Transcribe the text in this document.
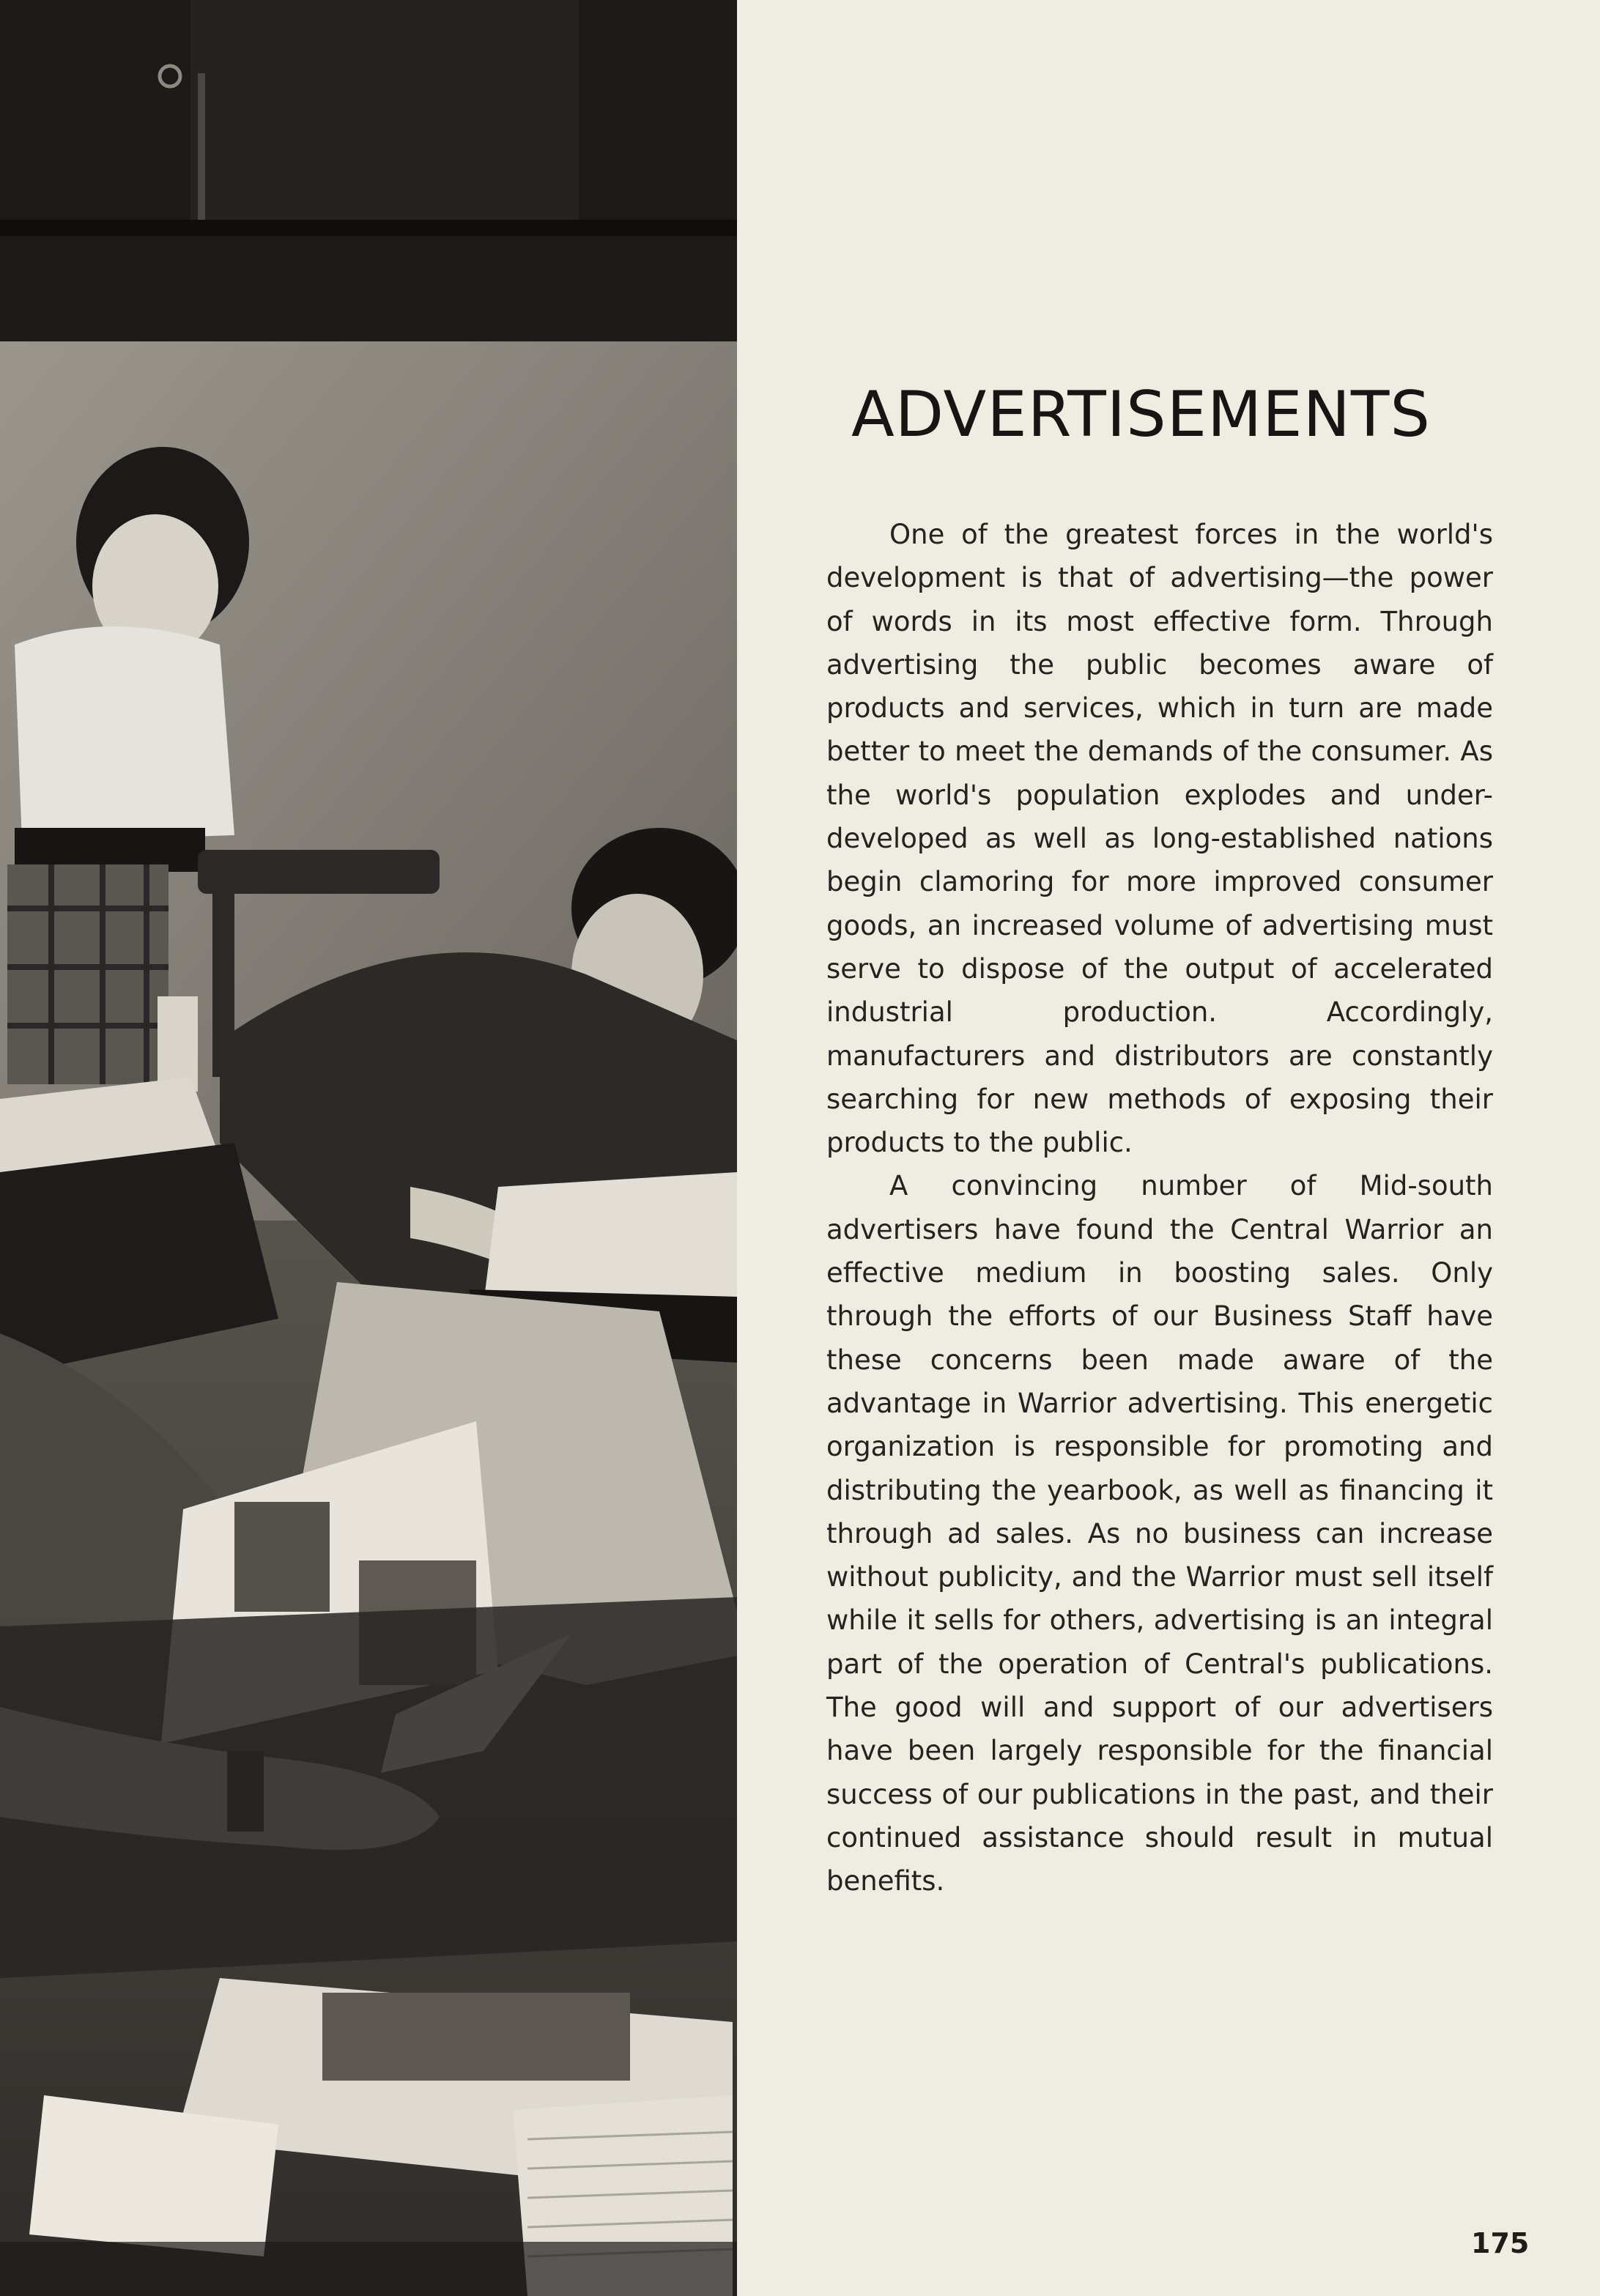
ADVERTISEMENTS

One of the greatest forces in the world's development is that of advertising—the power of words in its most effective form. Through advertising the public becomes aware of products and services, which in turn are made better to meet the demands of the consumer. As the world's population explodes and under-developed as well as long-established nations begin clamoring for more improved consumer goods, an increased volume of advertising must serve to dispose of the output of accelerated industrial production. Accordingly, manufacturers and distributors are constantly searching for new methods of exposing their products to the public.

A convincing number of Mid-south advertisers have found the Central Warrior an effective medium in boosting sales. Only through the efforts of our Business Staff have these concerns been made aware of the advantage in Warrior advertising. This energetic organization is responsible for promoting and distributing the yearbook, as well as financing it through ad sales. As no business can increase without publicity, and the Warrior must sell itself while it sells for others, advertising is an integral part of the operation of Central's publications. The good will and support of our advertisers have been largely responsible for the financial success of our publications in the past, and their continued assistance should result in mutual benefits.

175
